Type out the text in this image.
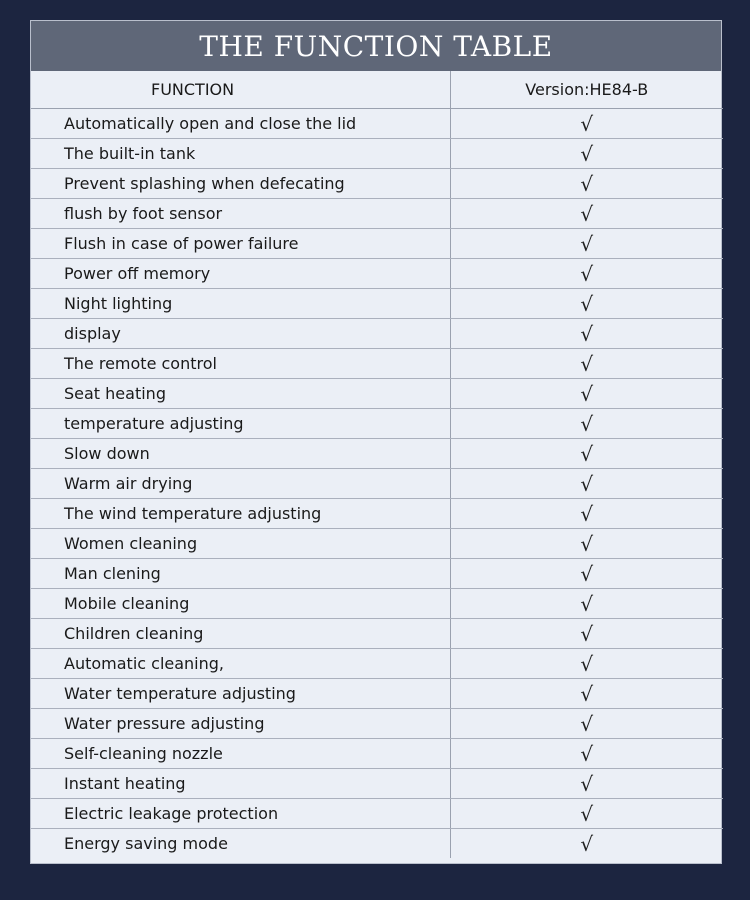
THE FUNCTION TABLE
FUNCTION	Version:HE84-B
Automatically open and close the lid	√
The built-in tank	√
Prevent splashing when defecating	√
flush by foot sensor	√
Flush in case of power failure	√
Power off memory	√
Night lighting	√
display	√
The remote control	√
Seat heating	√
temperature adjusting	√
Slow down	√
Warm air drying	√
The wind temperature adjusting	√
Women cleaning	√
Man clening	√
Mobile cleaning	√
Children cleaning	√
Automatic cleaning,	√
Water temperature adjusting	√
Water pressure adjusting	√
Self-cleaning nozzle	√
Instant heating	√
Electric leakage protection	√
Energy saving mode	√
